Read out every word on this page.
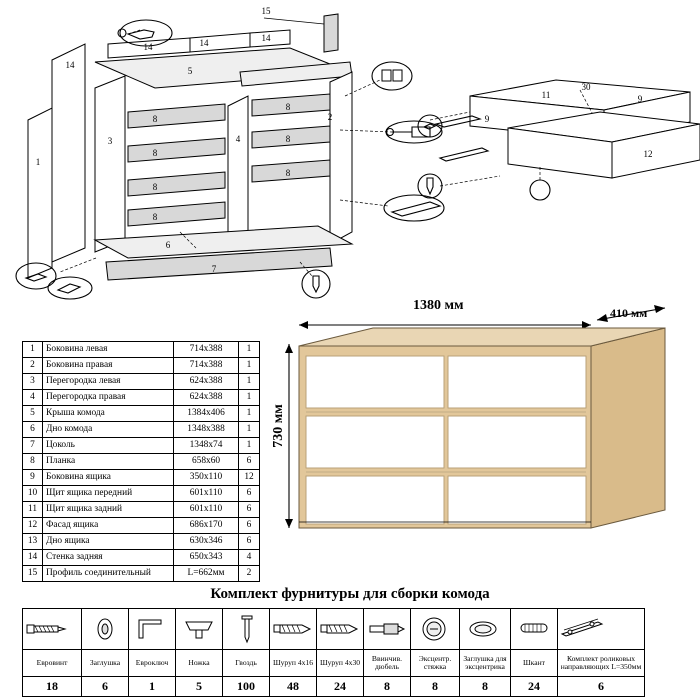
1
14
14	14	14
5
3	4
2
8
8
8
8
8
8
8
6
7
15
9
9
11
30
12
1	Боковина левая	714х388	1
2	Боковина правая	714х388	1
3	Перегородка левая	624х388	1
4	Перегородка правая	624х388	1
5	Крыша комода	1384х406	1
6	Дно комода	1348х388	1
7	Цоколь	1348х74	1
8	Планка	658х60	6
9	Боковина ящика	350х110	12
10	Щит ящика передний	601х110	6
11	Щит ящика задний	601х110	6
12	Фасад ящика	686х170	6
13	Дно ящика	630х346	6
14	Стенка задняя	650х343	4
15	Профиль соединительный	L=662мм	2
1380 мм	410 мм
730 мм
Комплект фурнитуры для сборки комода

Евровинт	Заглушка	Евроключ	Ножка	Гвоздь	Шуруп 4х16	Шуруп 4х30	Ввинчив. дюбель	Эксцентр. стяжка	Заглушка для эксцентрика	Шкант	Комплект роликовых направляющих L=350мм
18	6	1	5	100	48	24	8	8	8	24	6
